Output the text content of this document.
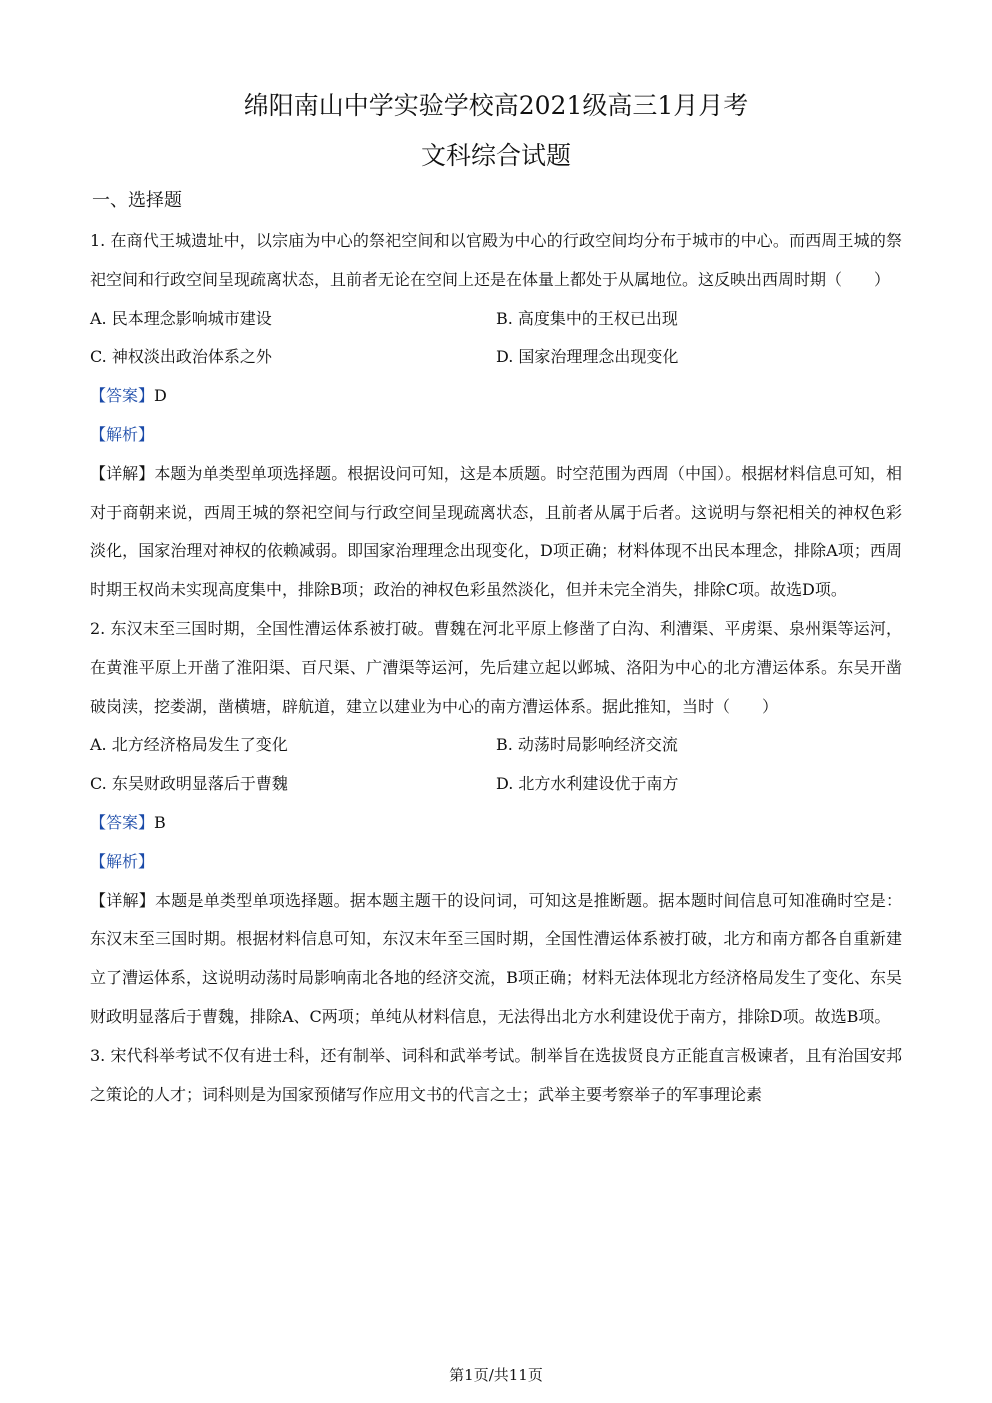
绵阳南山中学实验学校高2021级高三1月月考
文科综合试题
一、选择题

1. 在商代王城遗址中，以宗庙为中心的祭祀空间和以官殿为中心的行政空间均分布于城市的中心。而西周王城的祭祀空间和行政空间呈现疏离状态，且前者无论在空间上还是在体量上都处于从属地位。这反映出西周时期（　　）

A. 民本理念影响城市建设	B. 高度集中的王权已出现
C. 神权淡出政治体系之外	D. 国家治理理念出现变化

【答案】D

【解析】

【详解】本题为单类型单项选择题。根据设问可知，这是本质题。时空范围为西周（中国）。根据材料信息可知，相对于商朝来说，西周王城的祭祀空间与行政空间呈现疏离状态，且前者从属于后者。这说明与祭祀相关的神权色彩淡化，国家治理对神权的依赖减弱。即国家治理理念出现变化，D项正确；材料体现不出民本理念，排除A项；西周时期王权尚未实现高度集中，排除B项；政治的神权色彩虽然淡化，但并未完全消失，排除C项。故选D项。

2. 东汉末至三国时期，全国性漕运体系被打破。曹魏在河北平原上修凿了白沟、利漕渠、平虏渠、泉州渠等运河，在黄淮平原上开凿了淮阳渠、百尺渠、广漕渠等运河，先后建立起以邺城、洛阳为中心的北方漕运体系。东吴开凿破岗渎，挖娄湖，凿横塘，辟航道，建立以建业为中心的南方漕运体系。据此推知，当时（　　）

A. 北方经济格局发生了变化	B. 动荡时局影响经济交流
C. 东吴财政明显落后于曹魏	D. 北方水利建设优于南方

【答案】B

【解析】

【详解】本题是单类型单项选择题。据本题主题干的设问词，可知这是推断题。据本题时间信息可知准确时空是：东汉末至三国时期。根据材料信息可知，东汉末年至三国时期，全国性漕运体系被打破，北方和南方都各自重新建立了漕运体系，这说明动荡时局影响南北各地的经济交流，B项正确；材料无法体现北方经济格局发生了变化、东吴财政明显落后于曹魏，排除A、C两项；单纯从材料信息，无法得出北方水利建设优于南方，排除D项。故选B项。

3. 宋代科举考试不仅有进士科，还有制举、词科和武举考试。制举旨在选拔贤良方正能直言极谏者，且有治国安邦之策论的人才；词科则是为国家预储写作应用文书的代言之士；武举主要考察举子的军事理论素

第1页/共11页
